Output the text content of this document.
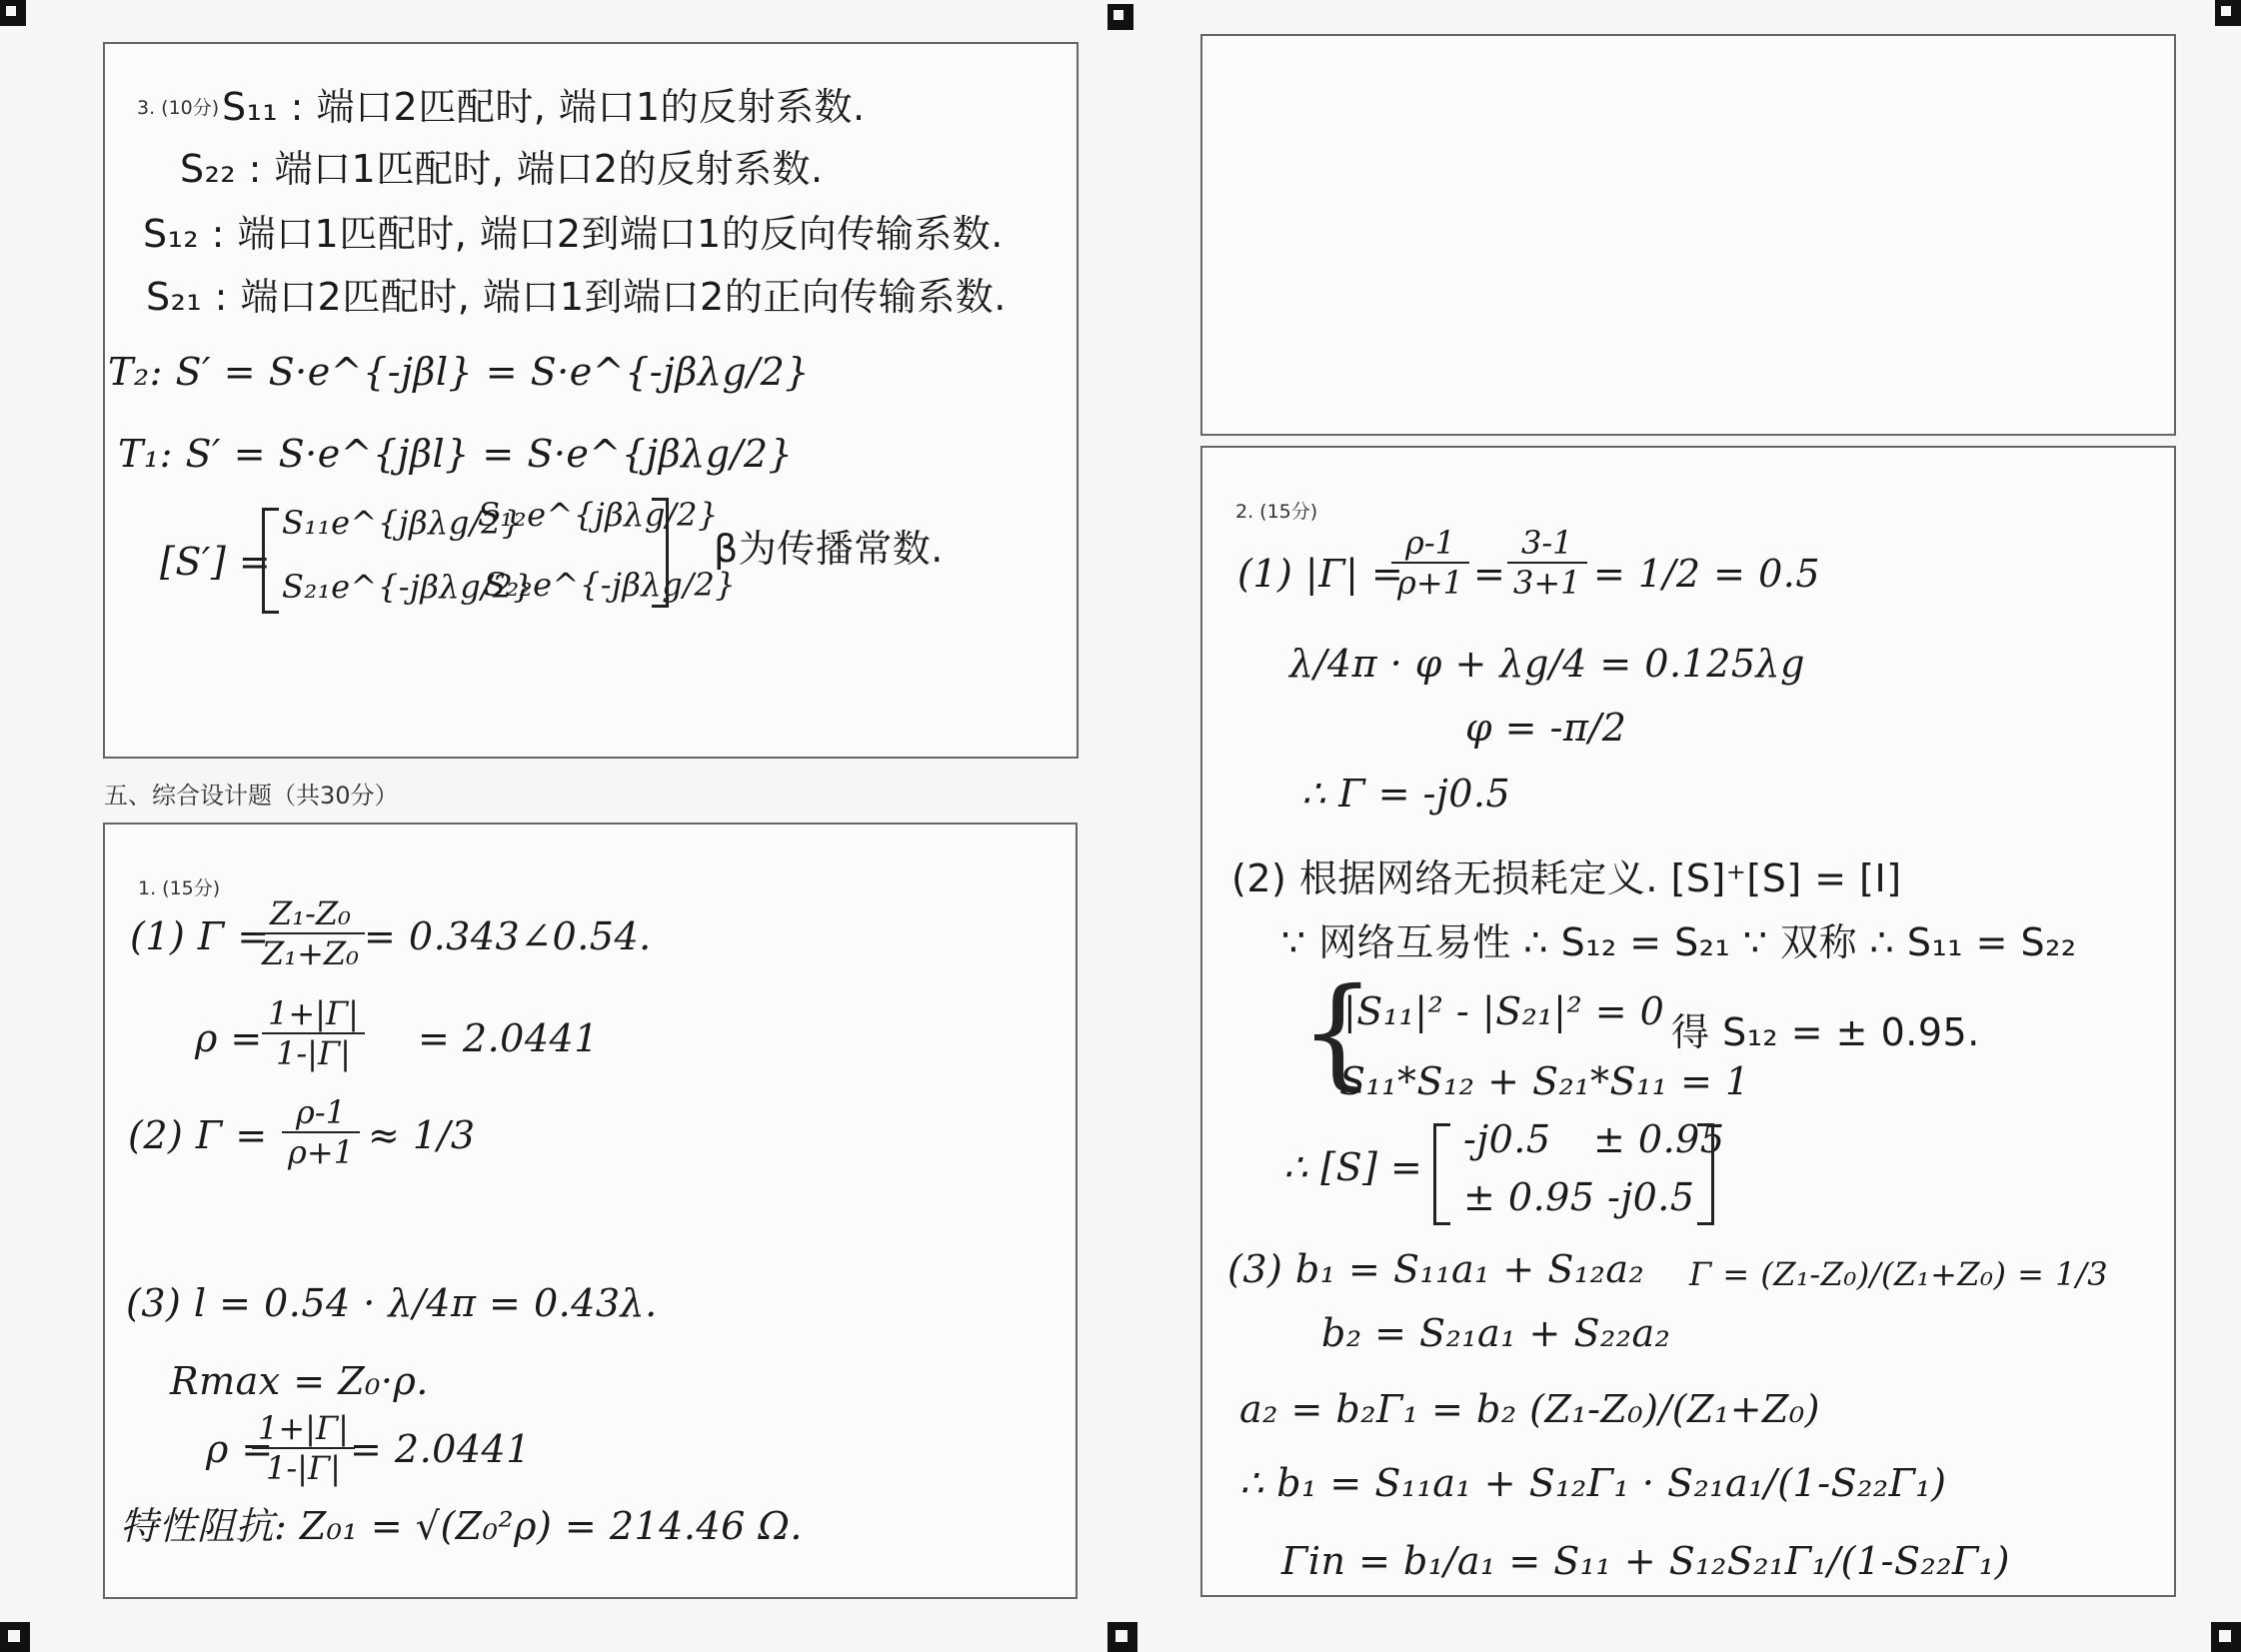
3. (10分) S₁₁ : 端口2匹配时, 端口1的反射系数.
S₂₂ : 端口1匹配时, 端口2的反射系数.
S₁₂ : 端口1匹配时, 端口2到端口1的反向传输系数.
S₂₁ : 端口2匹配时, 端口1到端口2的正向传输系数.
T₂: S′ = S·e^{-jβl} = S·e^{-jβλg/2}
T₁: S′ = S·e^{jβl} = S·e^{jβλg/2}
[S′] =
S₁₁e^{jβλg/2}
S₁₂e^{jβλg/2}
S₂₁e^{-jβλg/2}
S₂₂e^{-jβλg/2}
β为传播常数.
五、综合设计题（共30分）
1. (15分)
(1) Γ =
$\frac{\text{Z₁-Z₀}}{\text{Z₁+Z₀}}$ = 0.343∠0.54.
$\rho = \frac{1+|\Gamma|}{1-|\Gamma|} = 2.0441$
(2) $\Gamma = \frac{\rho-1}{\rho+1} \approx 1/3$
(3) l = 0.54 · λ/4π = 0.43λ.
Rmax = Z₀·ρ.
ρ =
$\frac{1+|\Gamma|}{1-|\Gamma|}$
= 2.0441
特性阻抗: Z₀₁ = √(Z₀²ρ) = 214.46 Ω.
2. (15分)
(1) |Γ| =
$\frac{\rho-1}{\rho+1} = \frac{3-1}{3+1} = 1/2 = 0.5$
λ/4π · φ + λg/4 = 0.125λg
φ = -π/2
∴ Γ = -j0.5
(2) 根据网络无损耗定义. [S]⁺[S] = [I]
∵ 网络互易性 ∴ S₁₂ = S₂₁ ∵ 双称 ∴ S₁₁ = S₂₂
{
|S₁₁|² - |S₂₁|² = 0
S₁₁*S₁₂ + S₂₁*S₁₁ = 1
得 S₁₂ = ± 0.95.
∴ [S] =
-j0.5 ± 0.95
± 0.95 -j0.5
(3) b₁ = S₁₁a₁ + S₁₂a₂ Γ = (Z₁-Z₀)/(Z₁+Z₀) = 1/3
b₂ = S₂₁a₁ + S₂₂a₂
a₂ = b₂Γ₁ = b₂ (Z₁-Z₀)/(Z₁+Z₀)
∴ b₁ = S₁₁a₁ + S₁₂Γ₁ · S₂₁a₁/(1-S₂₂Γ₁)
Γin = b₁/a₁ = S₁₁ + S₁₂S₂₁Γ₁/(1-S₂₂Γ₁)
